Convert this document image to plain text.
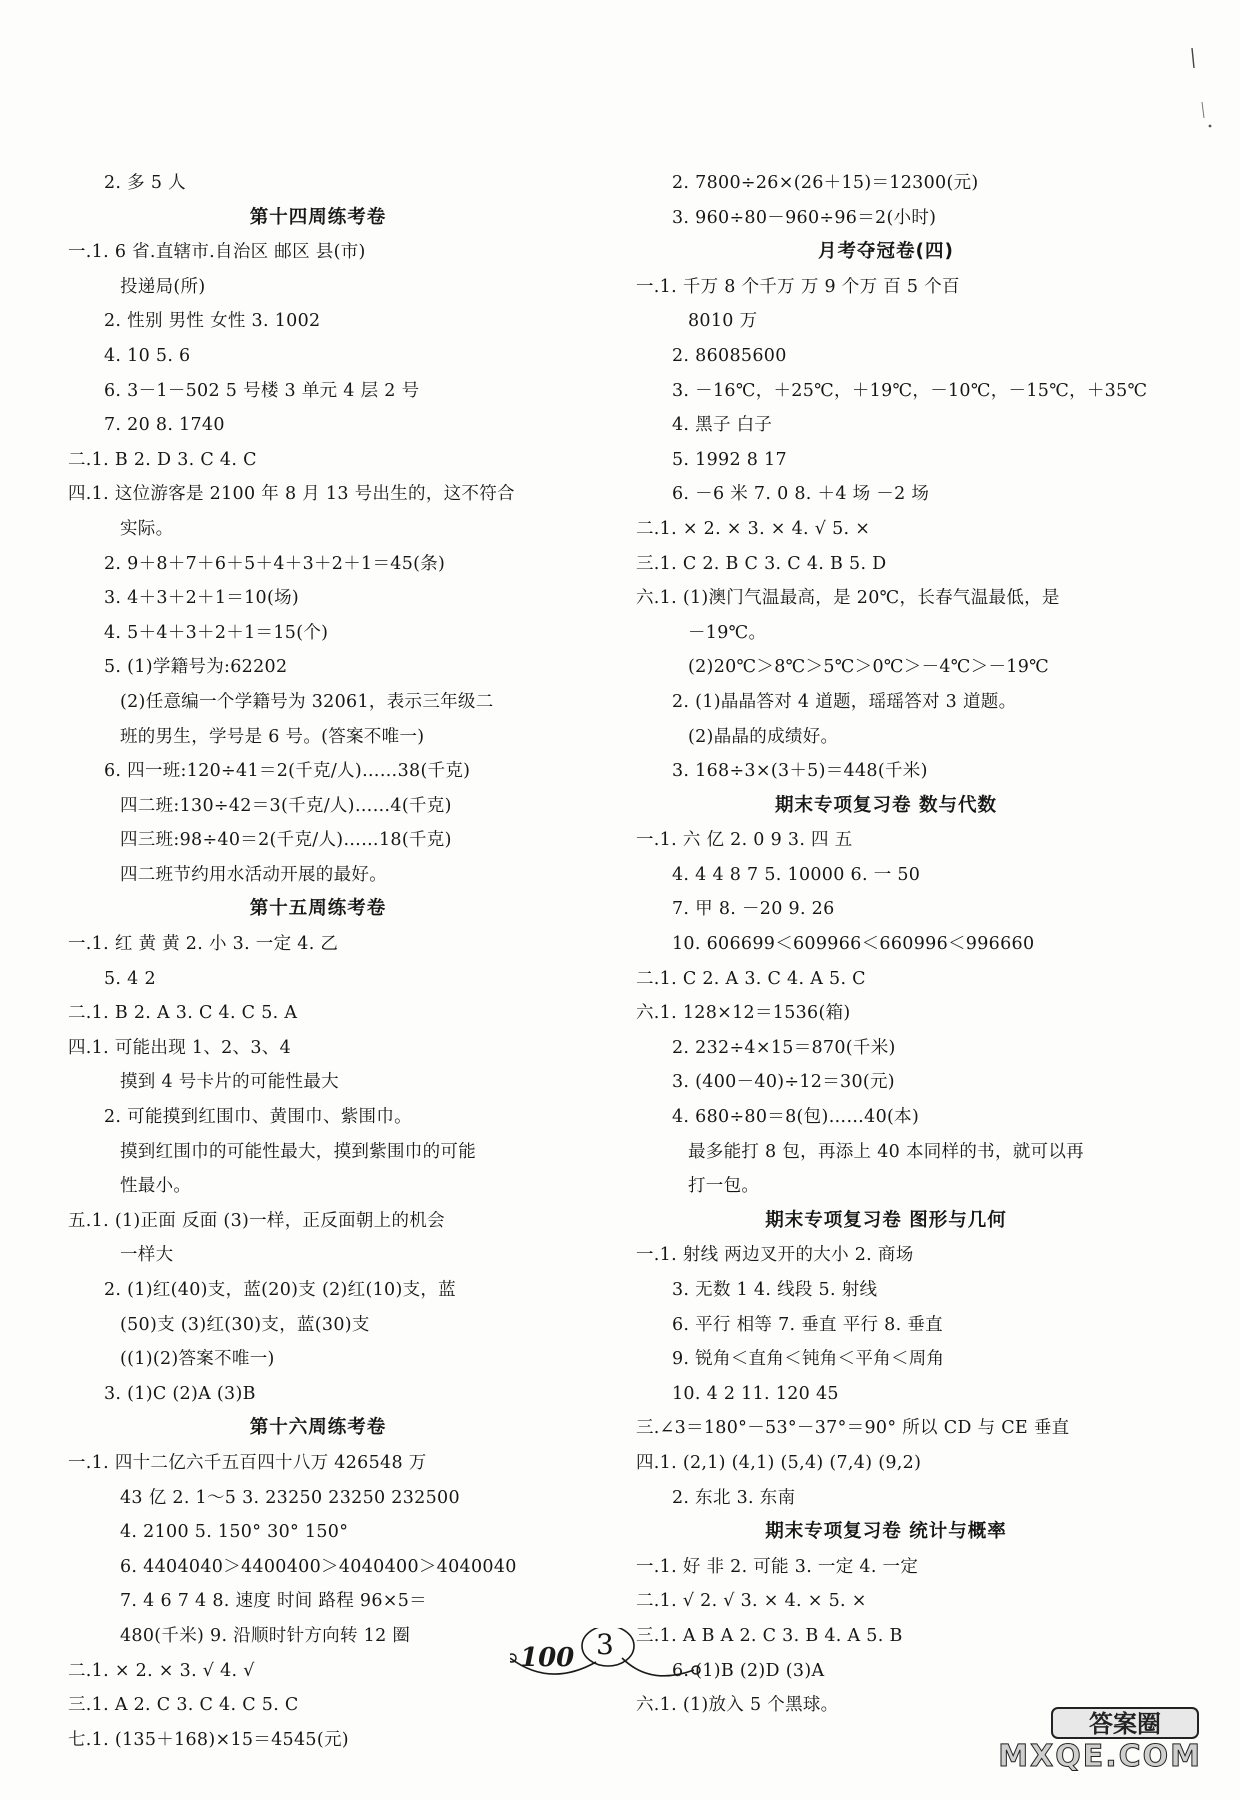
2. 多 5 人
第十四周练考卷
一.1. 6 省.直辖市.自治区 邮区 县(市)
投递局(所)
2. 性别 男性 女性 3. 1002
4. 10 5. 6
6. 3－1－502 5 号楼 3 单元 4 层 2 号
7. 20 8. 1740
二.1. B 2. D 3. C 4. C
四.1. 这位游客是 2100 年 8 月 13 号出生的，这不符合
实际。
2. 9＋8＋7＋6＋5＋4＋3＋2＋1＝45(条)
3. 4＋3＋2＋1＝10(场)
4. 5＋4＋3＋2＋1＝15(个)
5. (1)学籍号为:62202
(2)任意编一个学籍号为 32061，表示三年级二
班的男生，学号是 6 号。(答案不唯一)
6. 四一班:120÷41＝2(千克/人)……38(千克)
四二班:130÷42＝3(千克/人)……4(千克)
四三班:98÷40＝2(千克/人)……18(千克)
四二班节约用水活动开展的最好。
第十五周练考卷
一.1. 红 黄 黄 2. 小 3. 一定 4. 乙
5. 4 2
二.1. B 2. A 3. C 4. C 5. A
四.1. 可能出现 1、2、3、4
摸到 4 号卡片的可能性最大
2. 可能摸到红围巾、黄围巾、紫围巾。
摸到红围巾的可能性最大，摸到紫围巾的可能
性最小。
五.1. (1)正面 反面 (3)一样，正反面朝上的机会
一样大
2. (1)红(40)支，蓝(20)支 (2)红(10)支，蓝
(50)支 (3)红(30)支，蓝(30)支
((1)(2)答案不唯一)
3. (1)C (2)A (3)B
第十六周练考卷
一.1. 四十二亿六千五百四十八万 426548 万
43 亿 2. 1～5 3. 23250 23250 232500
4. 2100 5. 150° 30° 150°
6. 4404040＞4400400＞4040400＞4040040
7. 4 6 7 4 8. 速度 时间 路程 96×5＝
480(千米) 9. 沿顺时针方向转 12 圈
二.1. × 2. × 3. √ 4. √
三.1. A 2. C 3. C 4. C 5. C
七.1. (135＋168)×15＝4545(元)
2. 7800÷26×(26＋15)＝12300(元)
3. 960÷80－960÷96＝2(小时)
月考夺冠卷(四)
一.1. 千万 8 个千万 万 9 个万 百 5 个百
8010 万
2. 86085600
3. －16℃，＋25℃，＋19℃，－10℃，－15℃，＋35℃
4. 黑子 白子
5. 1992 8 17
6. －6 米 7. 0 8. ＋4 场 －2 场
二.1. × 2. × 3. × 4. √ 5. ×
三.1. C 2. B C 3. C 4. B 5. D
六.1. (1)澳门气温最高，是 20℃，长春气温最低，是
－19℃。
(2)20℃＞8℃＞5℃＞0℃＞－4℃＞－19℃
2. (1)晶晶答对 4 道题，瑶瑶答对 3 道题。
(2)晶晶的成绩好。
3. 168÷3×(3＋5)＝448(千米)
期末专项复习卷 数与代数
一.1. 六 亿 2. 0 9 3. 四 五
4. 4 4 8 7 5. 10000 6. 一 50
7. 甲 8. －20 9. 26
10. 606699＜609966＜660996＜996660
二.1. C 2. A 3. C 4. A 5. C
六.1. 128×12＝1536(箱)
2. 232÷4×15＝870(千米)
3. (400－40)÷12＝30(元)
4. 680÷80＝8(包)……40(本)
最多能打 8 包，再添上 40 本同样的书，就可以再
打一包。
期末专项复习卷 图形与几何
一.1. 射线 两边叉开的大小 2. 商场
3. 无数 1 4. 线段 5. 射线
6. 平行 相等 7. 垂直 平行 8. 垂直
9. 锐角＜直角＜钝角＜平角＜周角
10. 4 2 11. 120 45
三.∠3＝180°－53°－37°＝90° 所以 CD 与 CE 垂直
四.1. (2,1) (4,1) (5,4) (7,4) (9,2)
2. 东北 3. 东南
期末专项复习卷 统计与概率
一.1. 好 非 2. 可能 3. 一定 4. 一定
二.1. √ 2. √ 3. × 4. × 5. ×
三.1. A B A 2. C 3. B 4. A 5. B
6. (1)B (2)D (3)A
六.1. (1)放入 5 个黑球。
100 3
答案圈
MXQE.COM
